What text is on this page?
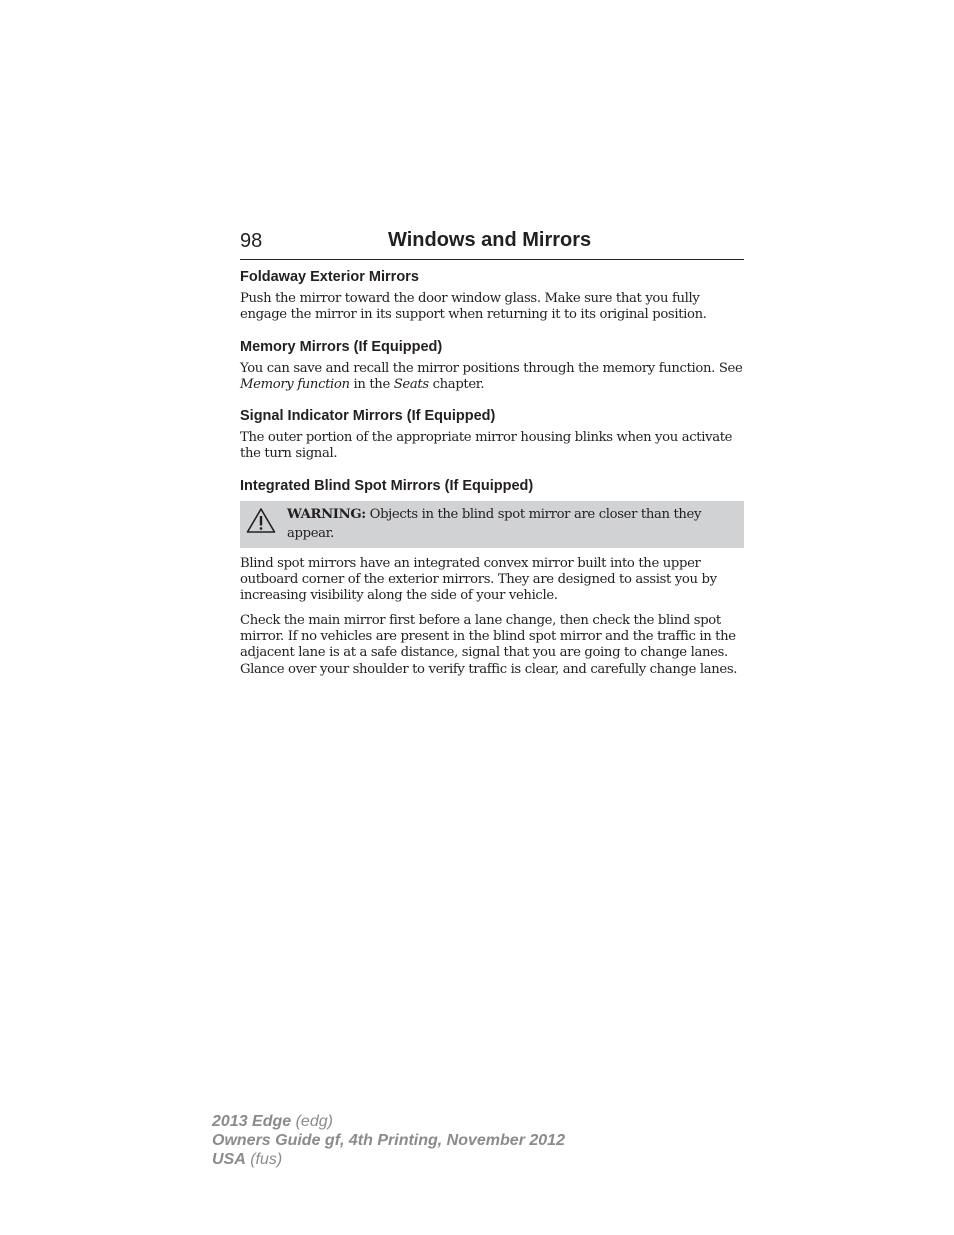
98	Windows and Mirrors
Foldaway Exterior Mirrors

Push the mirror toward the door window glass. Make sure that you fully engage the mirror in its support when returning it to its original position.

Memory Mirrors (If Equipped)

You can save and recall the mirror positions through the memory function. See Memory function in the Seats chapter.

Signal Indicator Mirrors (If Equipped)

The outer portion of the appropriate mirror housing blinks when you activate the turn signal.

Integrated Blind Spot Mirrors (If Equipped)

WARNING: Objects in the blind spot mirror are closer than they appear.

Blind spot mirrors have an integrated convex mirror built into the upper outboard corner of the exterior mirrors. They are designed to assist you by increasing visibility along the side of your vehicle.

Check the main mirror first before a lane change, then check the blind spot mirror. If no vehicles are present in the blind spot mirror and the traffic in the adjacent lane is at a safe distance, signal that you are going to change lanes. Glance over your shoulder to verify traffic is clear, and carefully change lanes.

2013 Edge (edg)
Owners Guide gf, 4th Printing, November 2012
USA (fus)
